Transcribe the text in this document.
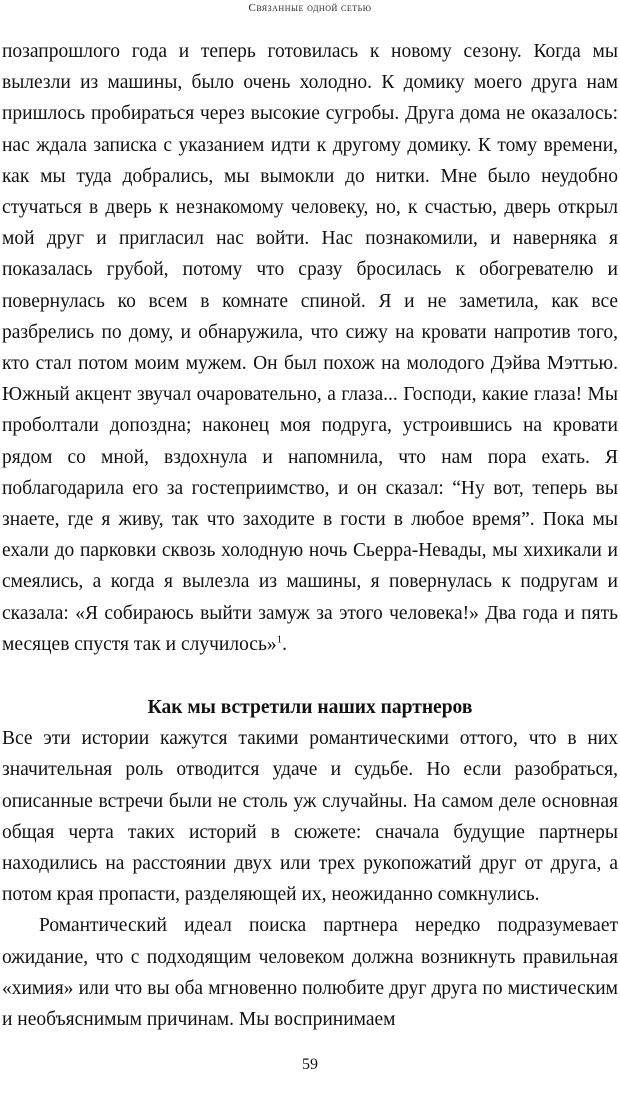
Связанные одной сетью

позапрошлого года и теперь готовилась к новому сезону. Когда мы вылезли из машины, было очень холодно. К домику моего друга нам пришлось пробираться через высокие сугробы. Друга дома не оказалось: нас ждала записка с указанием идти к другому домику. К тому времени, как мы туда добрались, мы вымокли до нитки. Мне было неудобно стучаться в дверь к незнакомому человеку, но, к счастью, дверь открыл мой друг и пригласил нас войти. Нас познакомили, и наверняка я показалась грубой, потому что сразу бросилась к обогревателю и повернулась ко всем в комнате спиной. Я и не заметила, как все разбрелись по дому, и обнаружила, что сижу на кровати напротив того, кто стал потом моим мужем. Он был похож на молодого Дэйва Мэттью. Южный акцент звучал очаровательно, а глаза... Господи, какие глаза! Мы проболтали допоздна; наконец моя подруга, устроившись на кровати рядом со мной, вздохнула и напомнила, что нам пора ехать. Я поблагодарила его за гостеприимство, и он сказал: “Ну вот, теперь вы знаете, где я живу, так что заходите в гости в любое время”. Пока мы ехали до парковки сквозь холодную ночь Сьерра-Невады, мы хихикали и смеялись, а когда я вылезла из машины, я повернулась к подругам и сказала: «Я собираюсь выйти замуж за этого человека!» Два года и пять месяцев спустя так и случилось»$^1$.

Как мы встретили наших партнеров

Все эти истории кажутся такими романтическими оттого, что в них значительная роль отводится удаче и судьбе. Но если разобраться, описанные встречи были не столь уж случайны. На самом деле основная общая черта таких историй в сюжете: сначала будущие партнеры находились на расстоянии двух или трех рукопожатий друг от друга, а потом края пропасти, разделяющей их, неожиданно сомкнулись.

Романтический идеал поиска партнера нередко подразумевает ожидание, что с подходящим человеком должна возникнуть правильная «химия» или что вы оба мгновенно полюбите друг друга по мистическим и необъяснимым причинам. Мы воспринимаем

59
